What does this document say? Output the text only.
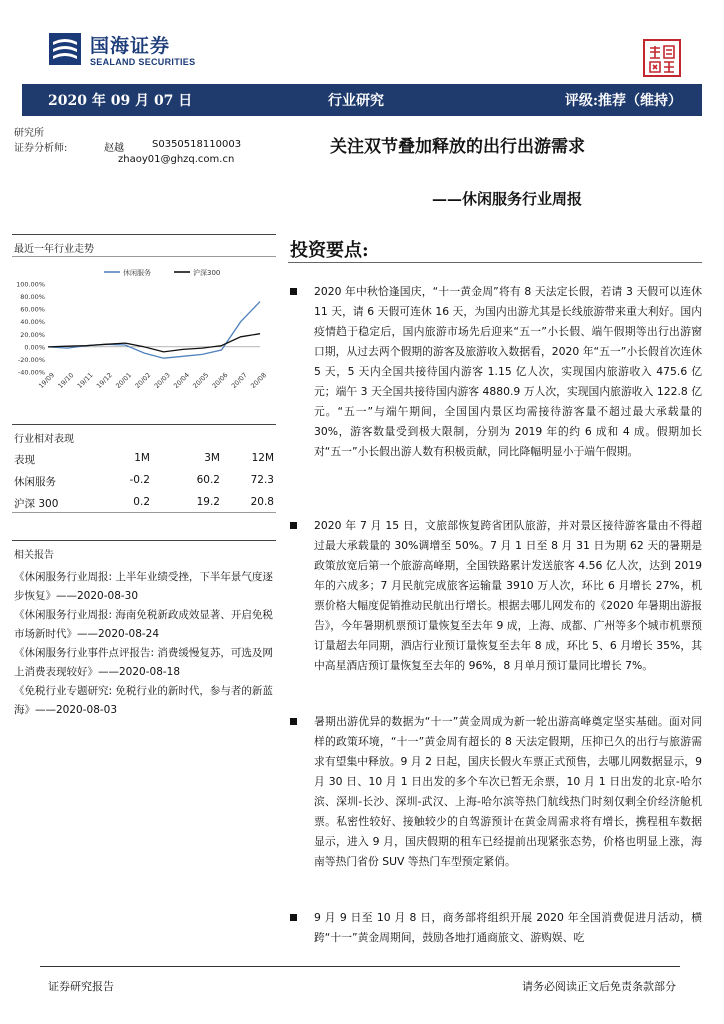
国海证券
SEALAND SECURITIES
2020 年 09 月 07 日	行业研究	评级:推荐（维持）
研究所
证券分析师:	赵越	S0350518110003
zhaoy01@ghzq.com.cn
关注双节叠加释放的出行出游需求
——休闲服务行业周报
最近一年行业走势
休闲服务	沪深300
-40.00%
-20.00%
0.00%
20.00%
40.00%
60.00%
80.00%
100.00%
19/09 19/10 19/11 19/12 20/01 20/02 20/03 20/04 20/05 20/06 20/07 20/08
行业相对表现
表现	1M	3M	12M
休闲服务	-0.2	60.2	72.3
沪深 300	0.2	19.2	20.8
相关报告

《休闲服务行业周报: 上半年业绩受挫，下半年景气度逐步恢复》——2020-08-30

《休闲服务行业周报: 海南免税新政成效显著、开启免税市场新时代》——2020-08-24

《休闲服务行业事件点评报告: 消费缓慢复苏，可选及网上消费表现较好》——2020-08-18

《免税行业专题研究: 免税行业的新时代，参与者的新蓝海》——2020-08-03

投资要点:
2020 年中秋恰逢国庆，“十一黄金周”将有 8 天法定长假，若请 3 天假可以连休 11 天，请 6 天假可连休 16 天，为国内出游尤其是长线旅游带来重大利好。国内疫情趋于稳定后，国内旅游市场先后迎来“五一”小长假、端午假期等出行出游窗口期，从过去两个假期的游客及旅游收入数据看，2020 年“五一”小长假首次连休 5 天，5 天内全国共接待国内游客 1.15 亿人次，实现国内旅游收入 475.6 亿元；端午 3 天全国共接待国内游客 4880.9 万人次，实现国内旅游收入 122.8 亿元。“五一”与端午期间，全国国内景区均需接待游客量不超过最大承载量的 30%，游客数量受到极大限制，分别为 2019 年的约 6 成和 4 成。假期加长对“五一”小长假出游人数有积极贡献，同比降幅明显小于端午假期。
2020 年 7 月 15 日，文旅部恢复跨省团队旅游，并对景区接待游客量由不得超过最大承载量的 30%调增至 50%。7 月 1 日至 8 月 31 日为期 62 天的暑期是政策放宽后第一个旅游高峰期，全国铁路累计发送旅客 4.56 亿人次，达到 2019 年的六成多；7 月民航完成旅客运输量 3910 万人次，环比 6 月增长 27%，机票价格大幅度促销推动民航出行增长。根据去哪儿网发布的《2020 年暑期出游报告》，今年暑期机票预订量恢复至去年 9 成，上海、成都、广州等多个城市机票预订量超去年同期，酒店行业预订量恢复至去年 8 成，环比 5、6 月增长 35%，其中高星酒店预订量恢复至去年的 96%，8 月单月预订量同比增长 7%。
暑期出游优异的数据为“十一”黄金周成为新一轮出游高峰奠定坚实基础。面对同样的政策环境，“十一”黄金周有超长的 8 天法定假期，压抑已久的出行与旅游需求有望集中释放。9 月 2 日起，国庆长假火车票正式预售，去哪儿网数据显示，9 月 30 日、10 月 1 日出发的多个车次已暂无余票，10 月 1 日出发的北京-哈尔滨、深圳-长沙、深圳-武汉、上海-哈尔滨等热门航线热门时刻仅剩全价经济舱机票。私密性较好、接触较少的自驾游预计在黄金周需求将有增长，携程租车数据显示，进入 9 月，国庆假期的租车已经提前出现紧张态势，价格也明显上涨，海南等热门省份 SUV 等热门车型预定紧俏。
9 月 9 日至 10 月 8 日，商务部将组织开展 2020 年全国消费促进月活动，横跨“十一”黄金周期间，鼓励各地打通商旅文、游购娱、吃
证券研究报告	请务必阅读正文后免责条款部分
